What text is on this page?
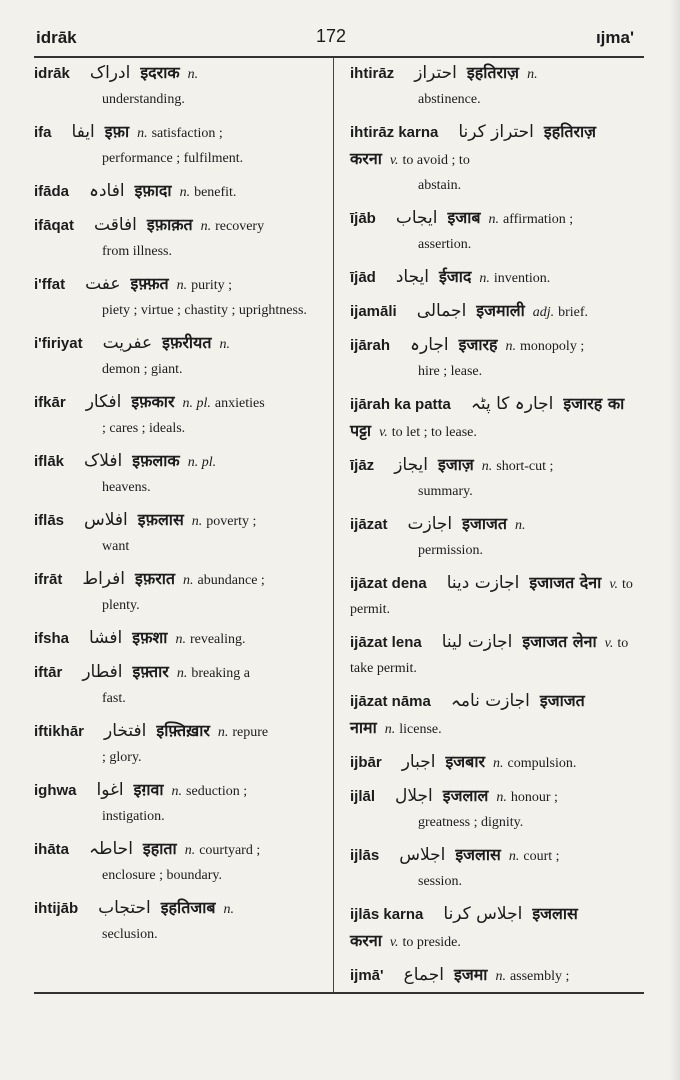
idrāk	172	ıjma'
idrāk ادراک इदराक n.
understanding.
ifa ایفا इफ़ा n. satisfaction ;
performance ; fulfilment.
ifāda افادہ इफ़ादा n. benefit.
ifāqat افاقت इफ़ाक़त n. recovery
from illness.
i'ffat عفت इफ़्फ़त n. purity ;
piety ; virtue ; chastity ; uprightness.
i'firiyat عفریت इफ़रीयत n.
demon ; giant.
ifkār افکار इफ़कार n. pl. anxieties
; cares ; ideals.
iflāk افلاک इफ़लाक n. pl.
heavens.
iflās افلاس इफ़लास n. poverty ;
want
ifrāt افراط इफ़रात n. abundance ;
plenty.
ifsha افشا इफ़शा n. revealing.
iftār افطار इफ़्तार n. breaking a
fast.
iftikhār افتخار इफ़्तिख़ार n. repure
; glory.
ighwa اغوا इग़वा n. seduction ;
instigation.
ihāta احاطہ इहाता n. courtyard ;
enclosure ; boundary.
ihtijāb احتجاب इहतिजाब n.
seclusion.
ihtirāz احتراز इहतिराज़ n.
abstinence.
ihtirāz karna احتراز کرنا इहतिराज़ करना v. to avoid ; to
abstain.
ījāb ایجاب इजाब n. affirmation ;
assertion.
ījād ایجاد ईजाद n. invention.
ijamāli اجمالی इजमाली adj. brief.
ijārah اجارہ इजारह n. monopoly ;
hire ; lease.
ijārah ka patta اجارہ کا پٹہ इजारह का पट्टा v. to let ; to lease.
ījāz ایجاز इजाज़ n. short-cut ;
summary.
ijāzat اجازت इजाजत n.
permission.
ijāzat dena اجازت دینا इजाजत देना v. to permit.
ijāzat lena اجازت لینا इजाजत लेना v. to take permit.
ijāzat nāma اجازت نامہ इजाजत नामा n. license.
ijbār اجبار इजबार n. compulsion.
ijlāl اجلال इजलाल n. honour ;
greatness ; dignity.
ijlās اجلاس इजलास n. court ;
session.
ijlās karna اجلاس کرنا इजलास करना v. to preside.
ijmā' اجماع इजमा n. assembly ;
